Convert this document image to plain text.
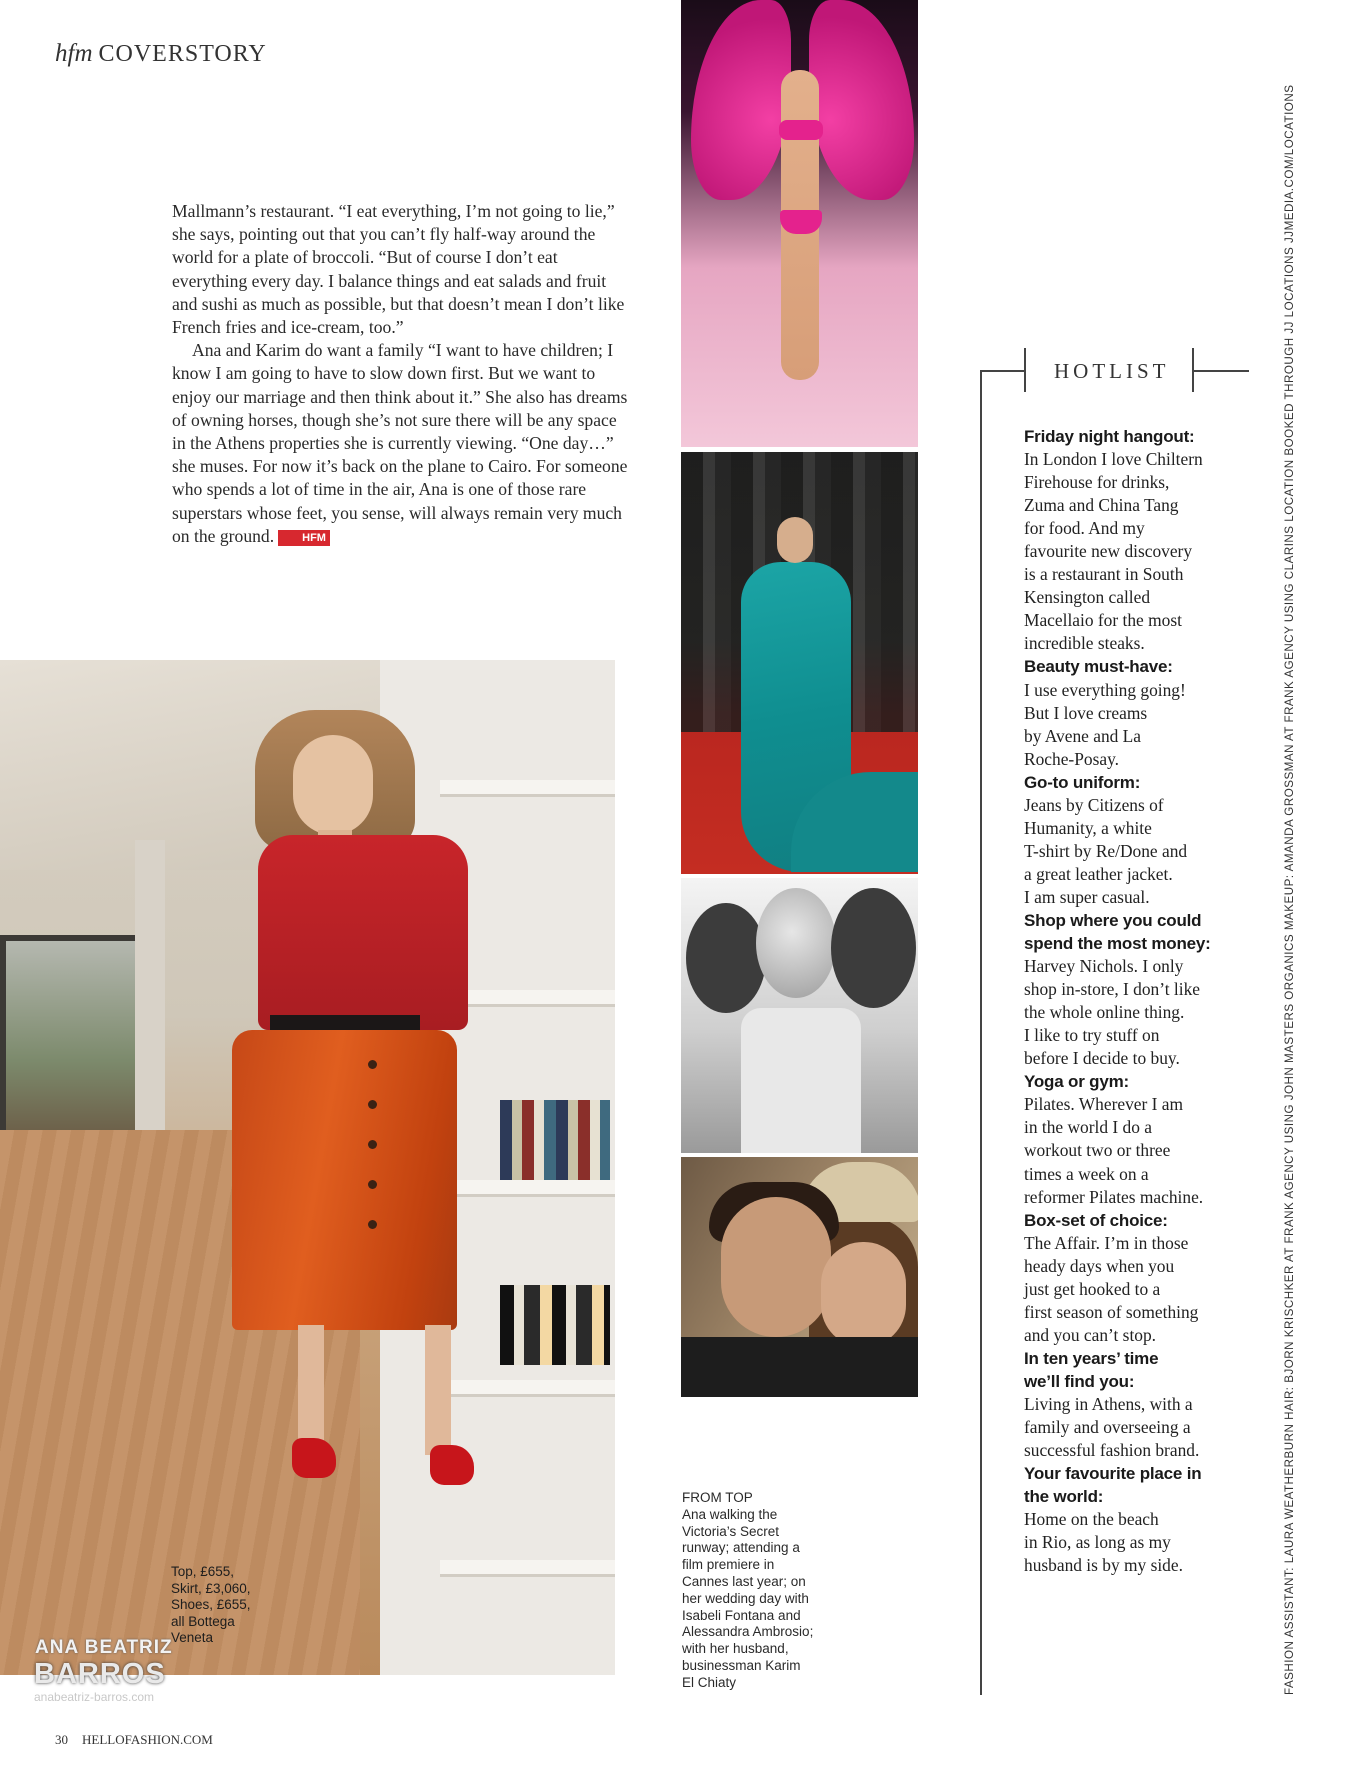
hfm COVERSTORY

Mallmann’s restaurant. “I eat everything, I’m not going to lie,” she says, pointing out that you can’t fly half-way around the world for a plate of broccoli. “But of course I don’t eat everything every day. I balance things and eat salads and fruit and sushi as much as possible, but that doesn’t mean I don’t like French fries and ice-cream, too.”

Ana and Karim do want a family “I want to have children; I know I am going to have to slow down first. But we want to enjoy our marriage and then think about it.” She also has dreams of owning horses, though she’s not sure there will be any space in the Athens properties she is currently viewing. “One day…” she muses. For now it’s back on the plane to Cairo. For someone who spends a lot of time in the air, Ana is one of those rare superstars whose feet, you sense, will always remain very much on the ground.	HFM

Top, £655,
Skirt, £3,060,
Shoes, £655,
all Bottega
Veneta
ANA BEATRIZ
BARROS
anabeatriz-barros.com
FROM TOP
Ana walking the
Victoria’s Secret
runway; attending a
film premiere in
Cannes last year; on
her wedding day with
Isabeli Fontana and
Alessandra Ambrosio;
with her husband,
businessman Karim
El Chiaty
HOTLIST
Friday night hangout:
In London I love Chiltern
Firehouse for drinks,
Zuma and China Tang
for food. And my
favourite new discovery
is a restaurant in South
Kensington called
Macellaio for the most
incredible steaks.
Beauty must-have:
I use everything going!
But I love creams
by Avene and La
Roche-Posay.
Go-to uniform:
Jeans by Citizens of
Humanity, a white
T-shirt by Re/Done and
a great leather jacket.
I am super casual.
Shop where you could
spend the most money:
Harvey Nichols. I only
shop in-store, I don’t like
the whole online thing.
I like to try stuff on
before I decide to buy.
Yoga or gym:
Pilates. Wherever I am
in the world I do a
workout two or three
times a week on a
reformer Pilates machine.
Box-set of choice:
The Affair. I’m in those
heady days when you
just get hooked to a
first season of something
and you can’t stop.
In ten years’ time
we’ll find you:
Living in Athens, with a
family and overseeing a
successful fashion brand.
Your favourite place in
the world:
Home on the beach
in Rio, as long as my
husband is by my side.	FASHION ASSISTANT: LAURA WEATHERBURN HAIR: BJORN KRISCHKER AT FRANK AGENCY USING JOHN MASTERS ORGANICS MAKEUP: AMANDA GROSSMAN AT FRANK AGENCY USING CLARINS LOCATION BOOKED THROUGH JJ LOCATIONS JJMEDIA.COM/LOCATIONS
30 HELLOFASHION.COM
